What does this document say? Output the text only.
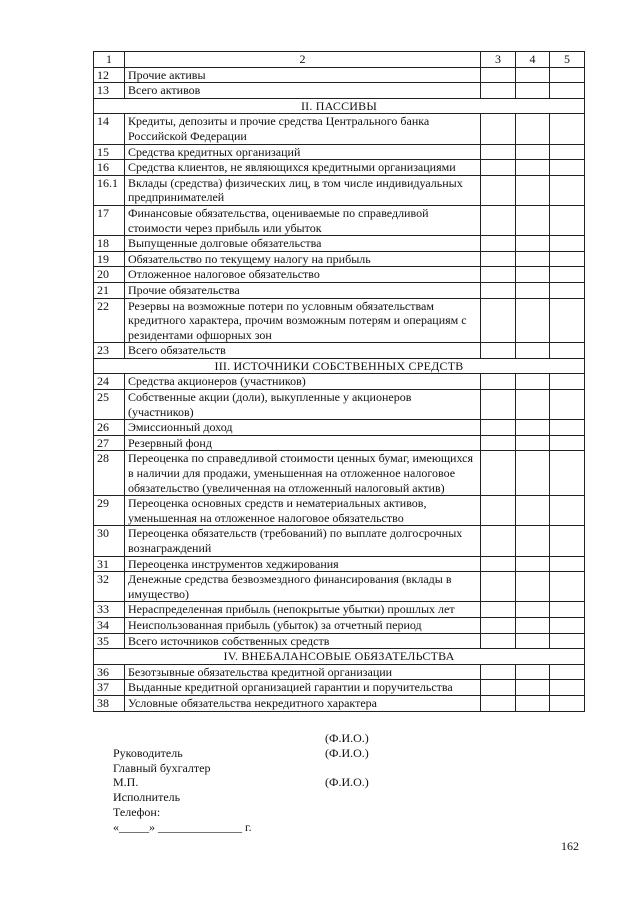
1	2	3	4	5
12	Прочие активы			
13	Всего активов			
II. ПАССИВЫ				
14	Кредиты, депозиты и прочие средства Центрального банка Российской Федерации			
15	Средства кредитных организаций			
16	Средства клиентов, не являющихся кредитными организациями			
16.1	Вклады (средства) физических лиц, в том числе индивидуальных предпринимателей			
17	Финансовые обязательства, оцениваемые по справедливой стоимости через прибыль или убыток			
18	Выпущенные долговые обязательства			
19	Обязательство по текущему налогу на прибыль			
20	Отложенное налоговое обязательство			
21	Прочие обязательства			
22	Резервы на возможные потери по условным обязательствам кредитного характера, прочим возможным потерям и операциям с резидентами офшорных зон			
23	Всего обязательств			
III. ИСТОЧНИКИ СОБСТВЕННЫХ СРЕДСТВ				
24	Средства акционеров (участников)			
25	Собственные акции (доли), выкупленные у акционеров (участников)			
26	Эмиссионный доход			
27	Резервный фонд			
28	Переоценка по справедливой стоимости ценных бумаг, имеющихся в наличии для продажи, уменьшенная на отложенное налоговое обязательство (увеличенная на отложенный налоговый актив)			
29	Переоценка основных средств и нематериальных активов, уменьшенная на отложенное налоговое обязательство			
30	Переоценка обязательств (требований) по выплате долгосрочных вознаграждений			
31	Переоценка инструментов хеджирования			
32	Денежные средства безвозмездного финансирования (вклады в имущество)			
33	Нераспределенная прибыль (непокрытые убытки) прошлых лет			
34	Неиспользованная прибыль (убыток) за отчетный период			
35	Всего источников собственных средств			
IV. ВНЕБАЛАНСОВЫЕ ОБЯЗАТЕЛЬСТВА				
36	Безотзывные обязательства кредитной организации			
37	Выданные кредитной организацией гарантии и поручительства			
38	Условные обязательства некредитного характера			

Руководитель

(Ф.И.О.)

Главный бухгалтер

(Ф.И.О.)

М.П.

Исполнитель

(Ф.И.О.)

Телефон:

«_____» ______________ г.

162
